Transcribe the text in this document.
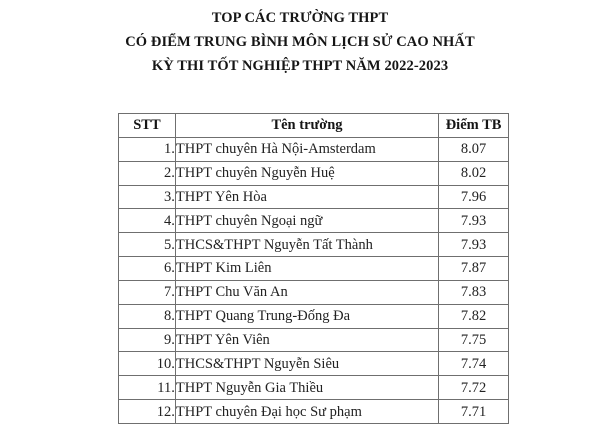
TOP CÁC TRƯỜNG THPT
CÓ ĐIỂM TRUNG BÌNH MÔN LỊCH SỬ CAO NHẤT
KỲ THI TỐT NGHIỆP THPT NĂM 2022-2023
STT	Tên trường	Điểm TB
1.	THPT chuyên Hà Nội-Amsterdam	8.07
2.	THPT chuyên Nguyễn Huệ	8.02
3.	THPT Yên Hòa	7.96
4.	THPT chuyên Ngoại ngữ	7.93
5.	THCS&THPT Nguyễn Tất Thành	7.93
6.	THPT Kim Liên	7.87
7.	THPT Chu Văn An	7.83
8.	THPT Quang Trung-Đống Đa	7.82
9.	THPT Yên Viên	7.75
10.	THCS&THPT Nguyễn Siêu	7.74
11.	THPT Nguyễn Gia Thiều	7.72
12.	THPT chuyên Đại học Sư phạm	7.71
